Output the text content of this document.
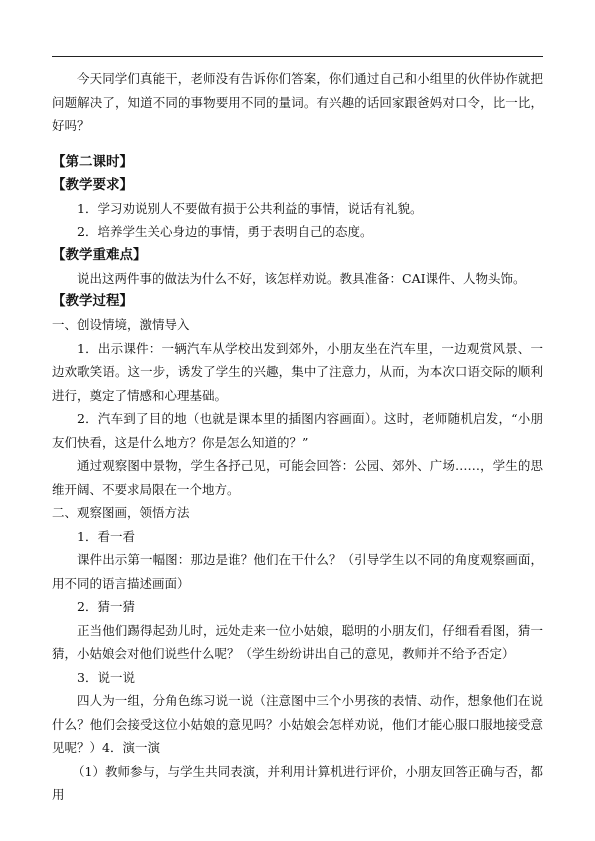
今天同学们真能干，老师没有告诉你们答案，你们通过自己和小组里的伙伴协作就把问题解决了，知道不同的事物要用不同的量词。有兴趣的话回家跟爸妈对口令，比一比，好吗？

【第二课时】

【教学要求】

1．学习劝说别人不要做有损于公共利益的事情，说话有礼貌。

2．培养学生关心身边的事情，勇于表明自己的态度。

【教学重难点】

说出这两件事的做法为什么不好，该怎样劝说。教具准备：CAI课件、人物头饰。

【教学过程】

一、创设情境，激情导入

1．出示课件：一辆汽车从学校出发到郊外，小朋友坐在汽车里，一边观赏风景、一边欢歌笑语。这一步，诱发了学生的兴趣，集中了注意力，从而，为本次口语交际的顺利进行，奠定了情感和心理基础。

2．汽车到了目的地（也就是课本里的插图内容画面）。这时，老师随机启发，“小朋友们快看，这是什么地方？你是怎么知道的？”

通过观察图中景物，学生各抒己见，可能会回答：公园、郊外、广场……，学生的思维开阔、不要求局限在一个地方。

二、观察图画，领悟方法

1．看一看

课件出示第一幅图：那边是谁？他们在干什么？（引导学生以不同的角度观察画面，用不同的语言描述画面）

2．猜一猜

正当他们踢得起劲儿时，远处走来一位小姑娘，聪明的小朋友们，仔细看看图，猜一猜，小姑娘会对他们说些什么呢？（学生纷纷讲出自己的意见，教师并不给予否定）

3．说一说

四人为一组，分角色练习说一说（注意图中三个小男孩的表情、动作，想象他们在说什么？他们会接受这位小姑娘的意见吗？小姑娘会怎样劝说，他们才能心服口服地接受意见呢？）4．演一演

（1）教师参与，与学生共同表演，并利用计算机进行评价，小朋友回答正确与否，都用
